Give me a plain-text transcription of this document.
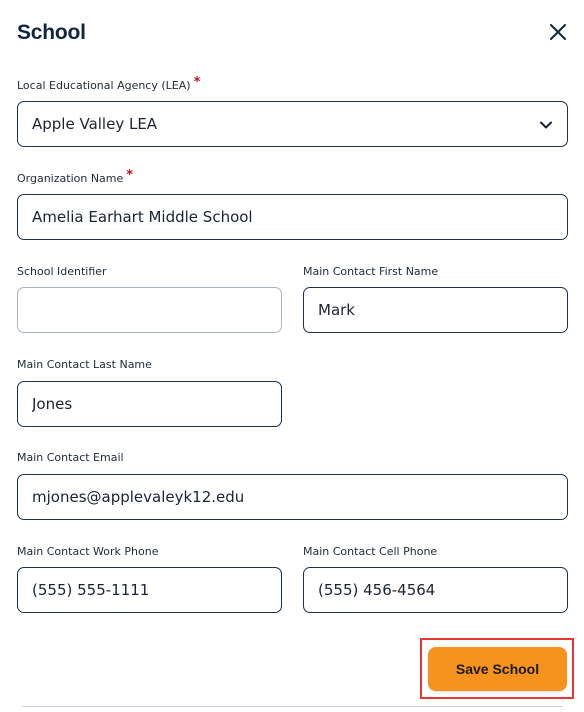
School
Local Educational Agency (LEA) *
Apple Valley LEA
Organization Name *
Amelia Earhart Middle School
School Identifier	Main Contact First Name
Mark
Main Contact Last Name
Jones
Main Contact Email
mjones@applevaleyk12.edu
Main Contact Work Phone
(555) 555-1111
Main Contact Cell Phone
(555) 456-4564
Save School
